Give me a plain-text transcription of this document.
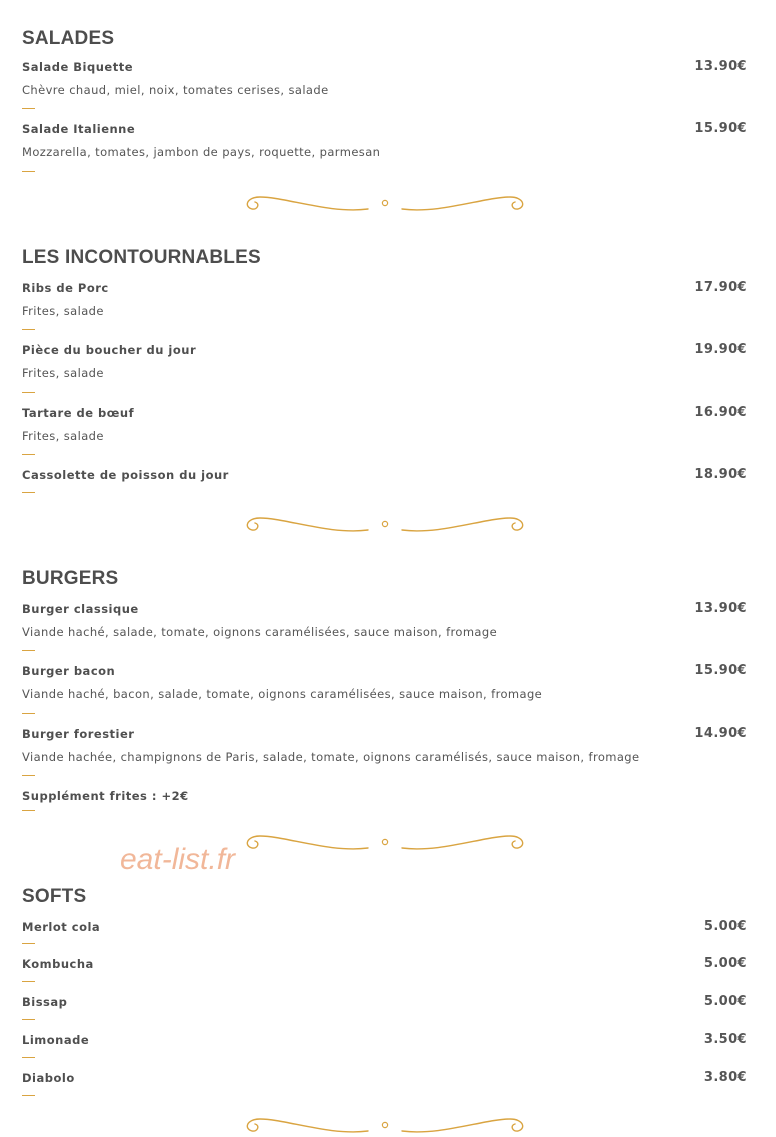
SALADES
Salade Biquette	13.90€
Chèvre chaud, miel, noix, tomates cerises, salade
Salade Italienne	15.90€
Mozzarella, tomates, jambon de pays, roquette, parmesan
LES INCONTOURNABLES
Ribs de Porc	17.90€
Frites, salade
Pièce du boucher du jour	19.90€
Frites, salade
Tartare de bœuf	16.90€
Frites, salade
Cassolette de poisson du jour	18.90€
BURGERS
Burger classique	13.90€
Viande haché, salade, tomate, oignons caramélisées, sauce maison, fromage
Burger bacon	15.90€
Viande haché, bacon, salade, tomate, oignons caramélisées, sauce maison, fromage
Burger forestier	14.90€
Viande hachée, champignons de Paris, salade, tomate, oignons caramélisés, sauce maison, fromage
Supplément frites : +2€
eat-list.fr
SOFTS
Merlot cola	5.00€
Kombucha	5.00€
Bissap	5.00€
Limonade	3.50€
Diabolo	3.80€
